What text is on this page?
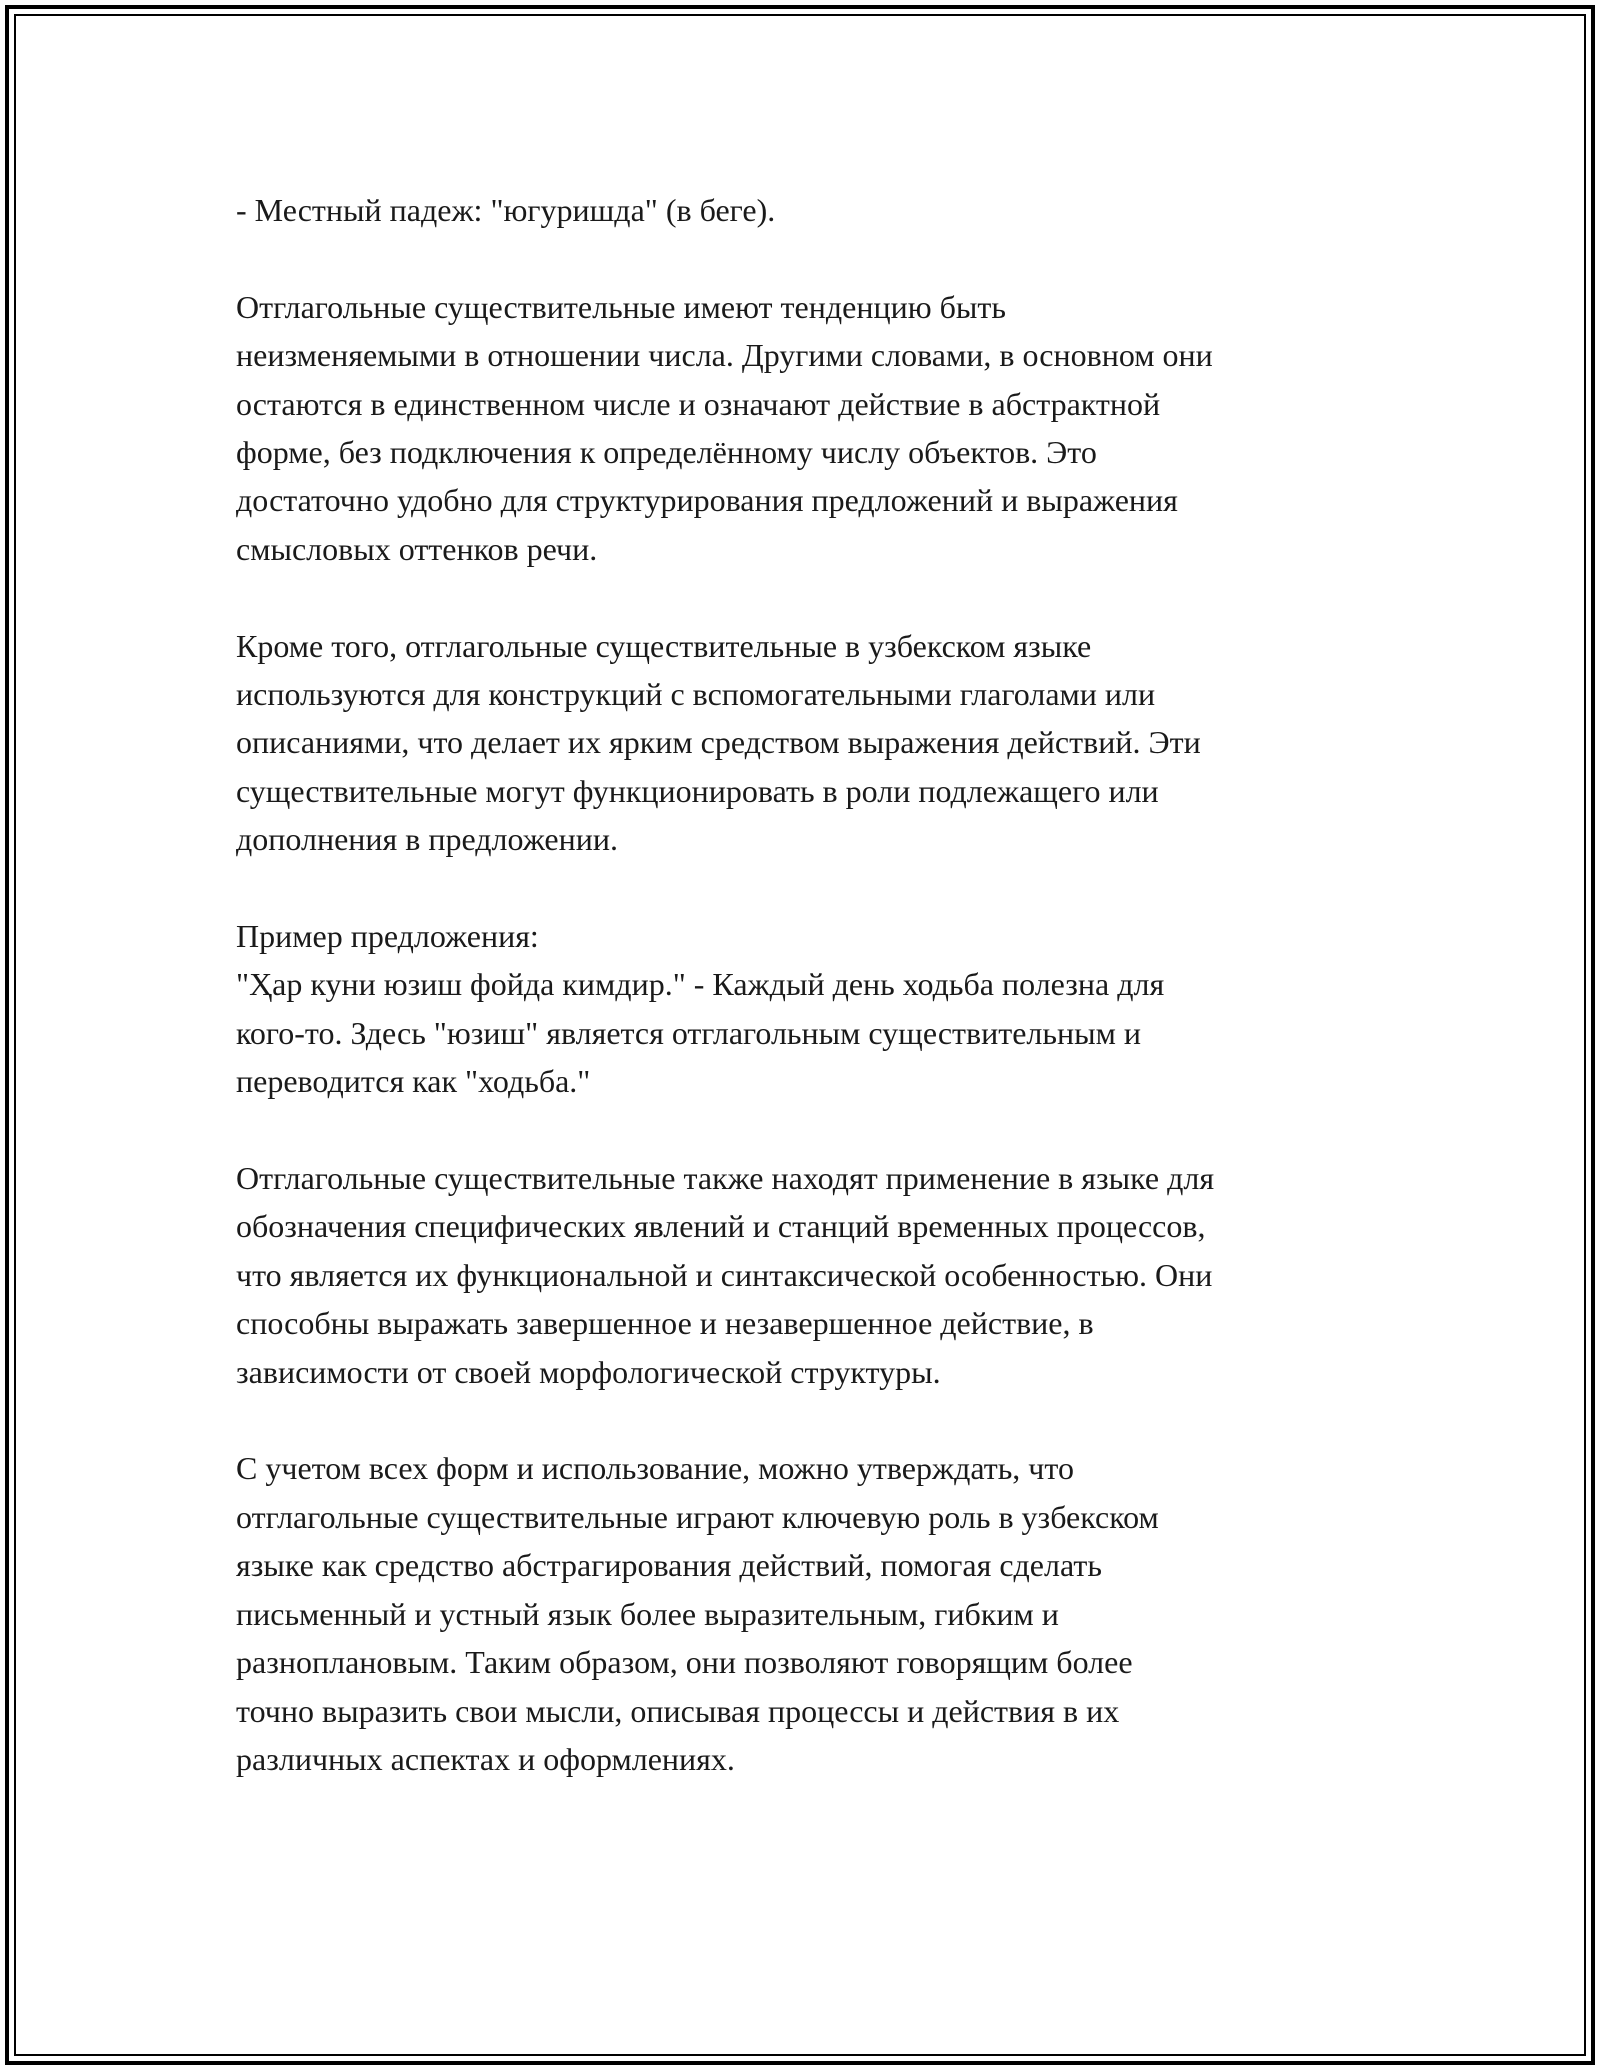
- Местный падеж: "югуришда" (в беге).

Отглагольные существительные имеют тенденцию быть
неизменяемыми в отношении числа. Другими словами, в основном они
остаются в единственном числе и означают действие в абстрактной
форме, без подключения к определённому числу объектов. Это
достаточно удобно для структурирования предложений и выражения
смысловых оттенков речи.

Кроме того, отглагольные существительные в узбекском языке
используются для конструкций с вспомогательными глаголами или
описаниями, что делает их ярким средством выражения действий. Эти
существительные могут функционировать в роли подлежащего или
дополнения в предложении.

Пример предложения:
"Ҳар куни юзиш фойда кимдир." - Каждый день ходьба полезна для
кого-то. Здесь "юзиш" является отглагольным существительным и
переводится как "ходьба."

Отглагольные существительные также находят применение в языке для
обозначения специфических явлений и станций временных процессов,
что является их функциональной и синтаксической особенностью. Они
способны выражать завершенное и незавершенное действие, в
зависимости от своей морфологической структуры.

С учетом всех форм и использование, можно утверждать, что
отглагольные существительные играют ключевую роль в узбекском
языке как средство абстрагирования действий, помогая сделать
письменный и устный язык более выразительным, гибким и
разноплановым. Таким образом, они позволяют говорящим более
точно выразить свои мысли, описывая процессы и действия в их
различных аспектах и оформлениях.
